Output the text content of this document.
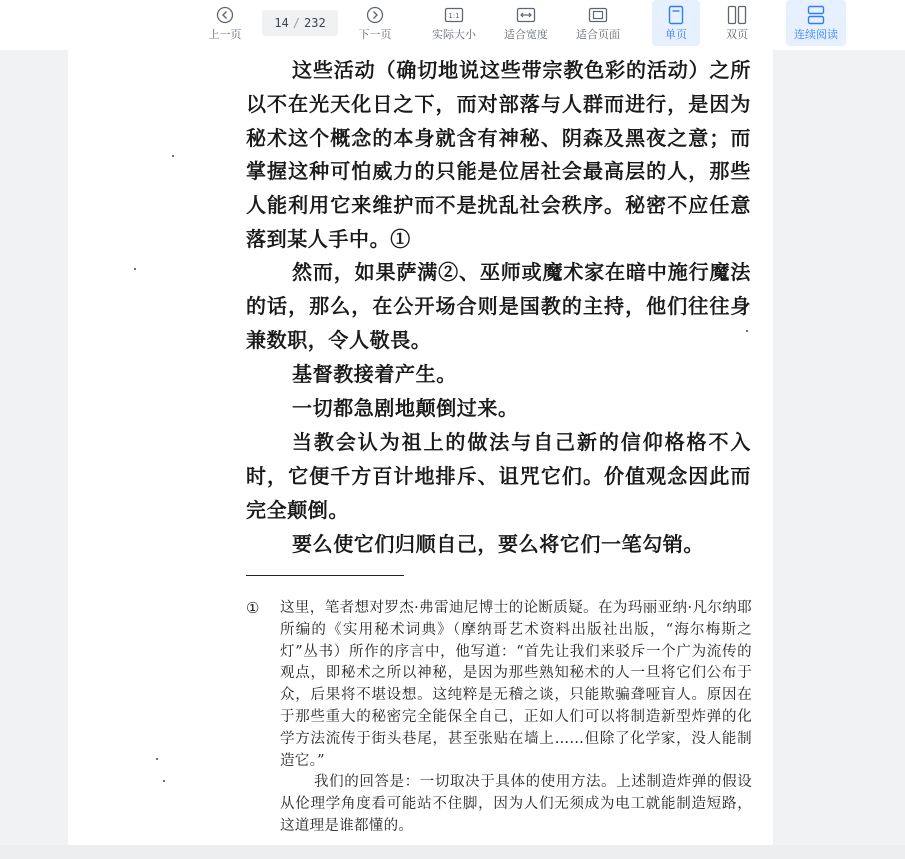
上一页
14 / 232
下一页
1:1
实际大小	适合宽度	适合页面	单页	双页	连续阅读

这些活动（确切地说这些带宗教色彩的活动）之所以不在光天化日之下，而对部落与人群而进行，是因为秘术这个概念的本身就含有神秘、阴森及黑夜之意；而掌握这种可怕威力的只能是位居社会最高层的人，那些人能利用它来维护而不是扰乱社会秩序。秘密不应任意落到某人手中。①

然而，如果萨满②、巫师或魔术家在暗中施行魔法的话，那么，在公开场合则是国教的主持，他们往往身兼数职，令人敬畏。

基督教接着产生。

一切都急剧地颠倒过来。

当教会认为祖上的做法与自己新的信仰格格不入时，它便千方百计地排斥、诅咒它们。价值观念因此而完全颠倒。

要么使它们归顺自己，要么将它们一笔勾销。

① 这里，笔者想对罗杰·弗雷迪尼博士的论断质疑。在为玛丽亚纳·凡尔纳耶所编的《实用秘术词典》（摩纳哥艺术资料出版社出版，“海尔梅斯之灯”丛书）所作的序言中，他写道：“首先让我们来驳斥一个广为流传的观点，即秘术之所以神秘，是因为那些熟知秘术的人一旦将它们公布于众，后果将不堪设想。这纯粹是无稽之谈，只能欺骗聋哑盲人。原因在于那些重大的秘密完全能保全自己，正如人们可以将制造新型炸弹的化学方法流传于街头巷尾，甚至张贴在墙上……但除了化学家，没人能制造它。”

我们的回答是：一切取决于具体的使用方法。上述制造炸弹的假设从伦理学角度看可能站不住脚，因为人们无须成为电工就能制造短路，这道理是谁都懂的。
